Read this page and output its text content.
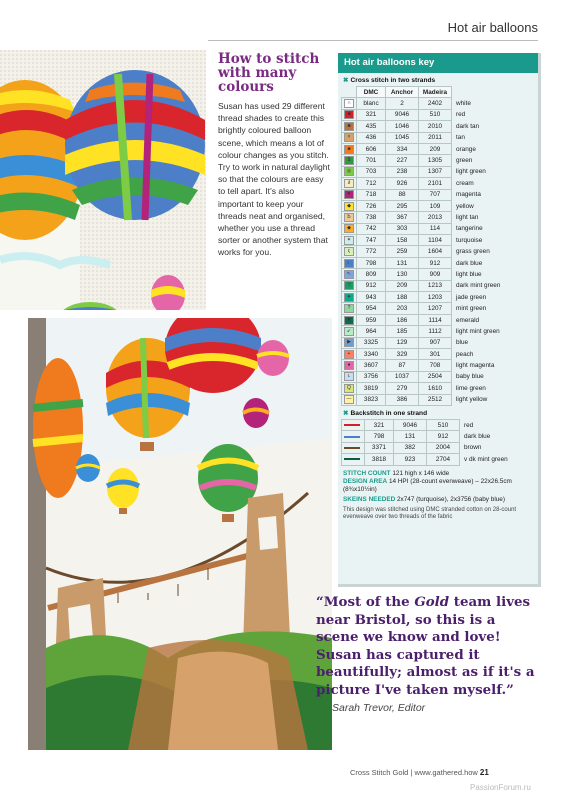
Hot air balloons
How to stitch with many colours

Susan has used 29 different thread shades to create this brightly coloured balloon scene, which means a lot of colour changes as you stitch. Try to work in natural daylight so that the colours are easy to tell apart. It's also important to keep your threads neat and organised, whether you use a thread sorter or another system that works for you.

Hot air balloons key
✖ Cross stitch in two strands
	DMC	Anchor	Madeira	
∩	blanc	2	2402	white
■	321	9046	510	red
■	435	1046	2010	dark tan
×	436	1045	2011	tan
■	606	334	209	orange
$	701	227	1305	green
◎	703	238	1307	light green
∂	712	926	2101	cream
♥	718	88	707	magenta
◆	726	295	109	yellow
Ь	738	367	2013	light tan
◆	742	303	114	tangerine
✶	747	158	1104	turquoise
ς	772	259	1604	grass green
☾	798	131	912	dark blue
↖	809	130	909	light blue
▽	912	209	1213	dark mint green
✦	943	188	1203	jade green
?	954	203	1207	mint green
▼	959	186	1114	emerald
↙	964	185	1112	light mint green
▶	3325	129	907	blue
+	3340	329	301	peach
●	3607	87	708	light magenta
ʟ	3756	1037	2504	baby blue
Q	3819	279	1610	lime green
—	3823	386	2512	light yellow
✖ Backstitch in one strand
	321	9046	510	red

	798	131	912	dark blue

	3371	382	2004	brown

	3818	923	2704	v dk mint green
STITCH COUNT 121 high x 146 wide
DESIGN AREA 14 HPI (28-count evenweave) – 22x26.5cm (8¾x10½in)
SKEINS NEEDED 2x747 (turquoise), 2x3756 (baby blue)
This design was stitched using DMC stranded cotton on 28-count evenweave over two threads of the fabric

“Most of the Gold team lives near Bristol, so this is a scene we know and love! Susan has captured it beautifully; almost as if it's a picture I've taken myself.”

Sarah Trevor, Editor
Cross Stitch Gold | www.gathered.how 21
PassionForum.ru
